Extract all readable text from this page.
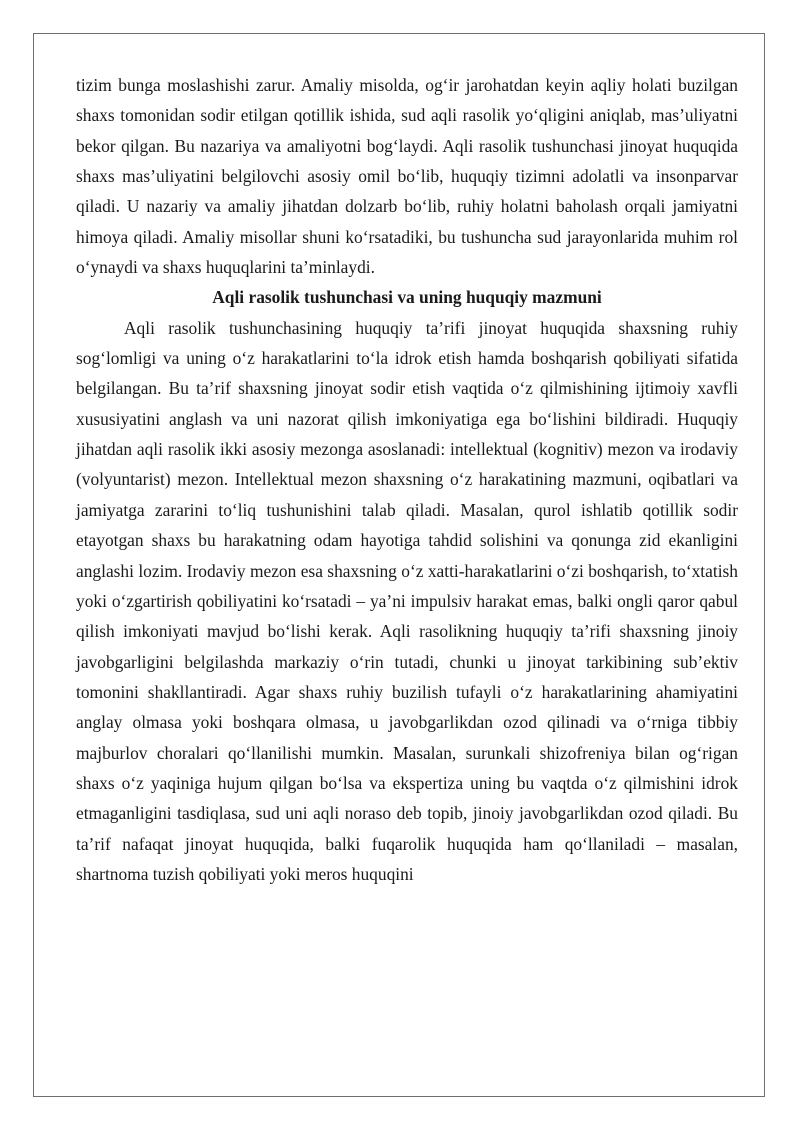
tizim bunga moslashishi zarur. Amaliy misolda, og‘ir jarohatdan keyin aqliy holati buzilgan shaxs tomonidan sodir etilgan qotillik ishida, sud aqli rasolik yo‘qligini aniqlab, mas’uliyatni bekor qilgan. Bu nazariya va amaliyotni bog‘laydi. Aqli rasolik tushunchasi jinoyat huquqida shaxs mas’uliyatini belgilovchi asosiy omil bo‘lib, huquqiy tizimni adolatli va insonparvar qiladi. U nazariy va amaliy jihatdan dolzarb bo‘lib, ruhiy holatni baholash orqali jamiyatni himoya qiladi. Amaliy misollar shuni ko‘rsatadiki, bu tushuncha sud jarayonlarida muhim rol o‘ynaydi va shaxs huquqlarini ta’minlaydi.

Aqli rasolik tushunchasi va uning huquqiy mazmuni

Aqli rasolik tushunchasining huquqiy ta’rifi jinoyat huquqida shaxsning ruhiy sog‘lomligi va uning o‘z harakatlarini to‘la idrok etish hamda boshqarish qobiliyati sifatida belgilangan. Bu ta’rif shaxsning jinoyat sodir etish vaqtida o‘z qilmishining ijtimoiy xavfli xususiyatini anglash va uni nazorat qilish imkoniyatiga ega bo‘lishini bildiradi. Huquqiy jihatdan aqli rasolik ikki asosiy mezonga asoslanadi: intellektual (kognitiv) mezon va irodaviy (volyuntarist) mezon. Intellektual mezon shaxsning o‘z harakatining mazmuni, oqibatlari va jamiyatga zararini to‘liq tushunishini talab qiladi. Masalan, qurol ishlatib qotillik sodir etayotgan shaxs bu harakatning odam hayotiga tahdid solishini va qonunga zid ekanligini anglashi lozim. Irodaviy mezon esa shaxsning o‘z xatti-harakatlarini o‘zi boshqarish, to‘xtatish yoki o‘zgartirish qobiliyatini ko‘rsatadi – ya’ni impulsiv harakat emas, balki ongli qaror qabul qilish imkoniyati mavjud bo‘lishi kerak. Aqli rasolikning huquqiy ta’rifi shaxsning jinoiy javobgarligini belgilashda markaziy o‘rin tutadi, chunki u jinoyat tarkibining sub’ektiv tomonini shakllantiradi. Agar shaxs ruhiy buzilish tufayli o‘z harakatlarining ahamiyatini anglay olmasa yoki boshqara olmasa, u javobgarlikdan ozod qilinadi va o‘rniga tibbiy majburlov choralari qo‘llanilishi mumkin. Masalan, surunkali shizofreniya bilan og‘rigan shaxs o‘z yaqiniga hujum qilgan bo‘lsa va ekspertiza uning bu vaqtda o‘z qilmishini idrok etmaganligini tasdiqlasa, sud uni aqli noraso deb topib, jinoiy javobgarlikdan ozod qiladi. Bu ta’rif nafaqat jinoyat huquqida, balki fuqarolik huquqida ham qo‘llaniladi – masalan, shartnoma tuzish qobiliyati yoki meros huquqini
